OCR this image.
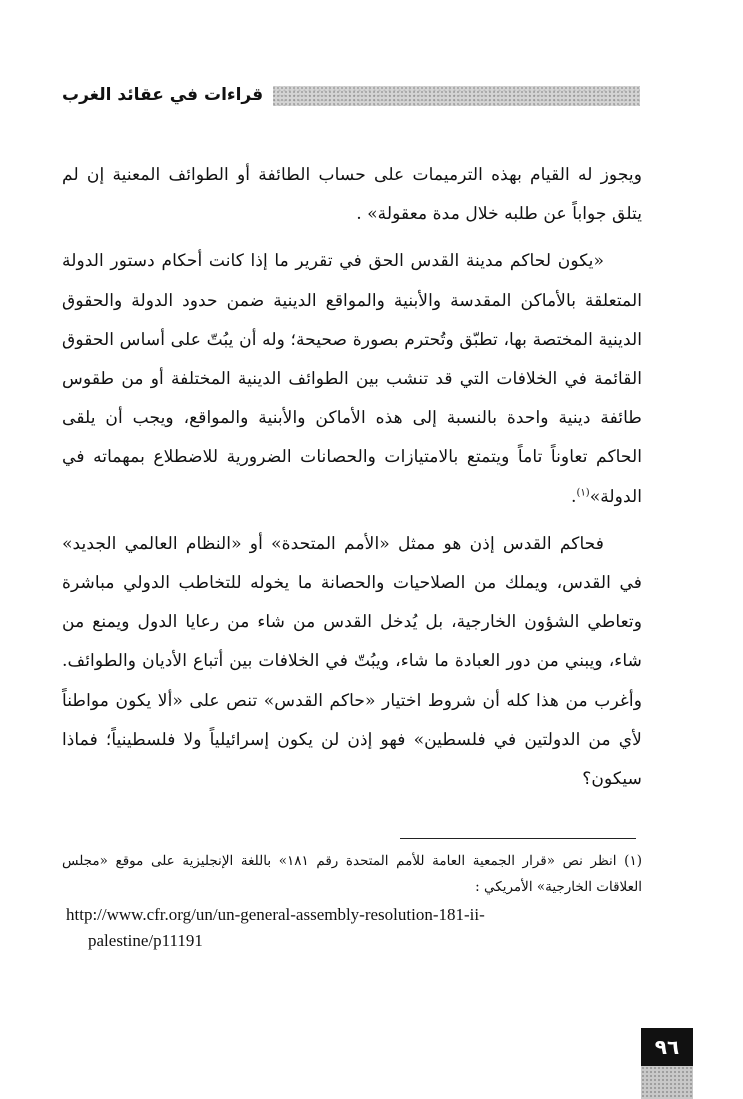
قراءات في عقائد الغرب

ويجوز له القيام بهذه الترميمات على حساب الطائفة أو الطوائف المعنية إن لم يتلق جواباً عن طلبه خلال مدة معقولة» .

«يكون لحاكم مدينة القدس الحق في تقرير ما إذا كانت أحكام دستور الدولة المتعلقة بالأماكن المقدسة والأبنية والمواقع الدينية ضمن حدود الدولة والحقوق الدينية المختصة بها، تطبّق وتُحترم بصورة صحيحة؛ وله أن يبُتّ على أساس الحقوق القائمة في الخلافات التي قد تنشب بين الطوائف الدينية المختلفة أو من طقوس طائفة دينية واحدة بالنسبة إلى هذه الأماكن والأبنية والمواقع، ويجب أن يلقى الحاكم تعاوناً تاماً ويتمتع بالامتيازات والحصانات الضرورية للاضطلاع بمهماته في الدولة»$^{(١)}$.

فحاكم القدس إذن هو ممثل «الأمم المتحدة» أو «النظام العالمي الجديد» في القدس، ويملك من الصلاحيات والحصانة ما يخوله للتخاطب الدولي مباشرة وتعاطي الشؤون الخارجية، بل يُدخل القدس من شاء من رعايا الدول ويمنع من شاء، ويبني من دور العبادة ما شاء، ويبُتّ في الخلافات بين أتباع الأديان والطوائف. وأغرب من هذا كله أن شروط اختيار «حاكم القدس» تنص على «ألا يكون مواطناً لأي من الدولتين في فلسطين» فهو إذن لن يكون إسرائيلياً ولا فلسطينياً؛ فماذا سيكون؟

(١) انظر نص «قرار الجمعية العامة للأمم المتحدة رقم ١٨١» باللغة الإنجليزية على موقع «مجلس العلاقات الخارجية» الأمريكي :

http://www.cfr.org/un/un-general-assembly-resolution-181-ii-
palestine/p11191
٩٦
